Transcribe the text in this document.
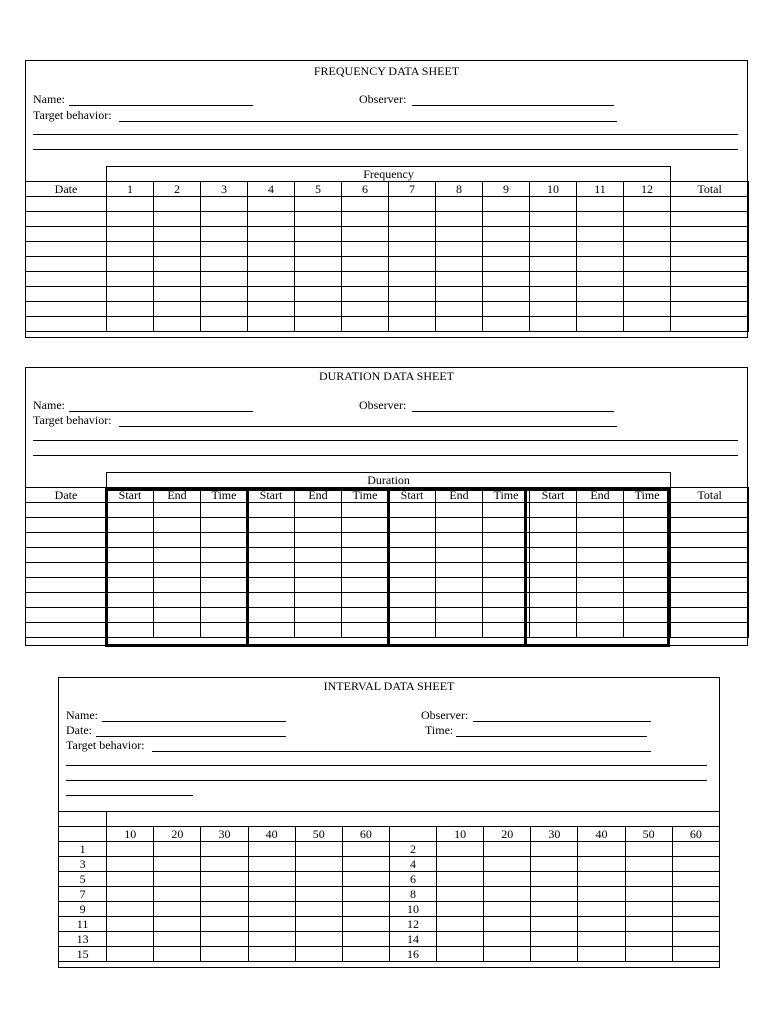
FREQUENCY DATA SHEET
Name:	Observer:
Target behavior:
	Frequency												
Date	1	2	3	4	5	6	7	8	9	10	11	12	Total

DURATION DATA SHEET
Name:	Observer:
Target behavior:
	Duration												
Date	Start	End	Time	Start	End	Time	Start	End	Time	Start	End	Time	Total

INTERVAL DATA SHEET
Name:	Observer:
Date:	Time:
Target behavior:

	10	20	30	40	50	60		10	20	30	40	50	60
1							2						
3							4						
5							6						
7							8						
9							10						
11							12						
13							14						
15							16						
